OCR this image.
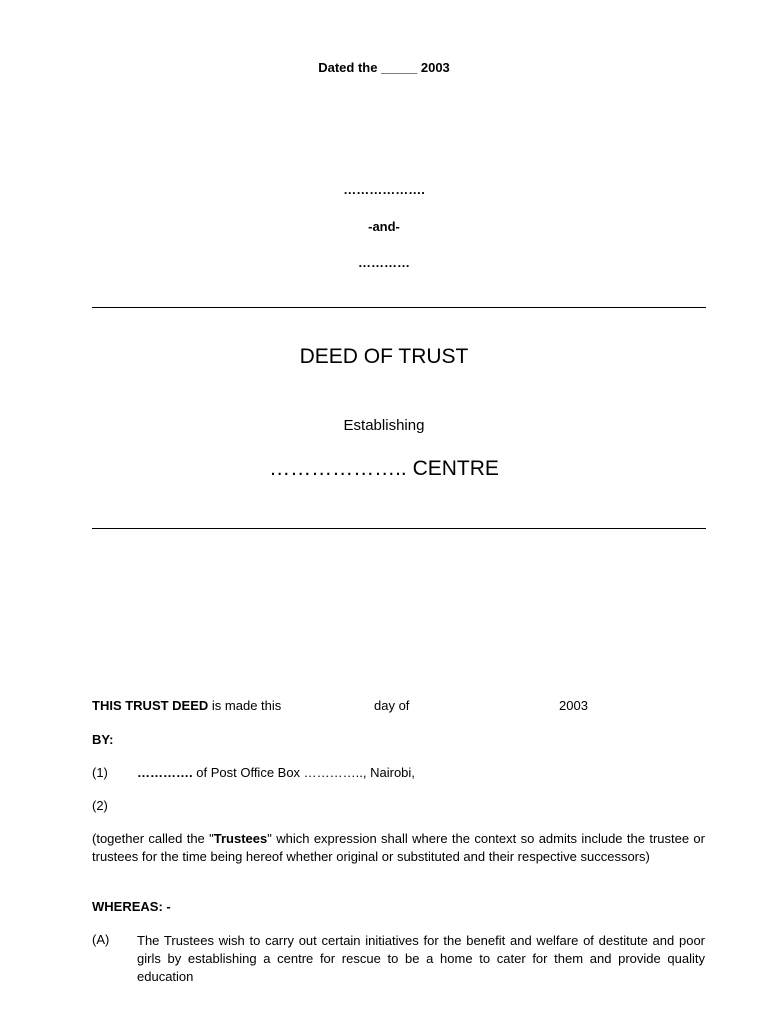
Dated the _____ 2003
……………….
-and-
…………
DEED OF TRUST
Establishing
……………….. CENTRE
THIS TRUST DEED is made this	day of	2003
BY:
(1) …………. of Post Office Box ………….., Nairobi,
(2)
(together called the "Trustees" which expression shall where the context so admits include the trustee or trustees for the time being hereof whether original or substituted and their respective successors)
WHEREAS: -
(A) The Trustees wish to carry out certain initiatives for the benefit and welfare of destitute and poor girls by establishing a centre for rescue to be a home to cater for them and provide quality education
